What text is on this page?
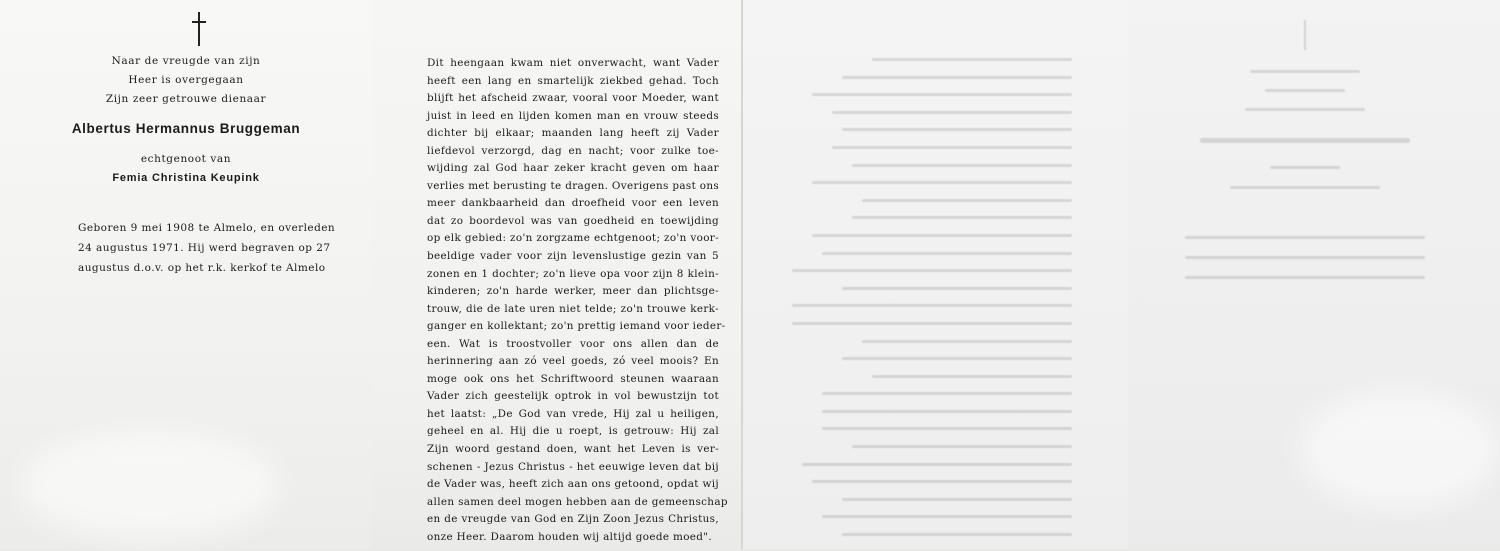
Naar de vreugde van zijn
Heer is overgegaan
Zijn zeer getrouwe dienaar
Albertus Hermannus Bruggeman
echtgenoot van
Femia Christina Keupink
Geboren 9 mei 1908 te Almelo, en overleden
24 augustus 1971. Hij werd begraven op 27
augustus d.o.v. op het r.k. kerkof te Almelo
Dit heengaan kwam niet onverwacht, want Vader
heeft een lang en smartelijk ziekbed gehad. Toch
blijft het afscheid zwaar, vooral voor Moeder, want
juist in leed en lijden komen man en vrouw steeds
dichter bij elkaar; maanden lang heeft zij Vader
liefdevol verzorgd, dag en nacht; voor zulke toe-
wijding zal God haar zeker kracht geven om haar
verlies met berusting te dragen. Overigens past ons
meer dankbaarheid dan droefheid voor een leven
dat zo boordevol was van goedheid en toewijding
op elk gebied: zo'n zorgzame echtgenoot; zo'n voor-
beeldige vader voor zijn levenslustige gezin van 5
zonen en 1 dochter; zo'n lieve opa voor zijn 8 klein-
kinderen; zo'n harde werker, meer dan plichtsge-
trouw, die de late uren niet telde; zo'n trouwe kerk-
ganger en kollektant; zo'n prettig iemand voor ieder-
een. Wat is troostvoller voor ons allen dan de
herinnering aan zó veel goeds, zó veel moois? En
moge ook ons het Schriftwoord steunen waaraan
Vader zich geestelijk optrok in vol bewustzijn tot
het laatst: „De God van vrede, Hij zal u heiligen,
geheel en al. Hij die u roept, is getrouw: Hij zal
Zijn woord gestand doen, want het Leven is ver-
schenen - Jezus Christus - het eeuwige leven dat bij
de Vader was, heeft zich aan ons getoond, opdat wij
allen samen deel mogen hebben aan de gemeenschap
en de vreugde van God en Zijn Zoon Jezus Christus,
onze Heer. Daarom houden wij altijd goede moed".
